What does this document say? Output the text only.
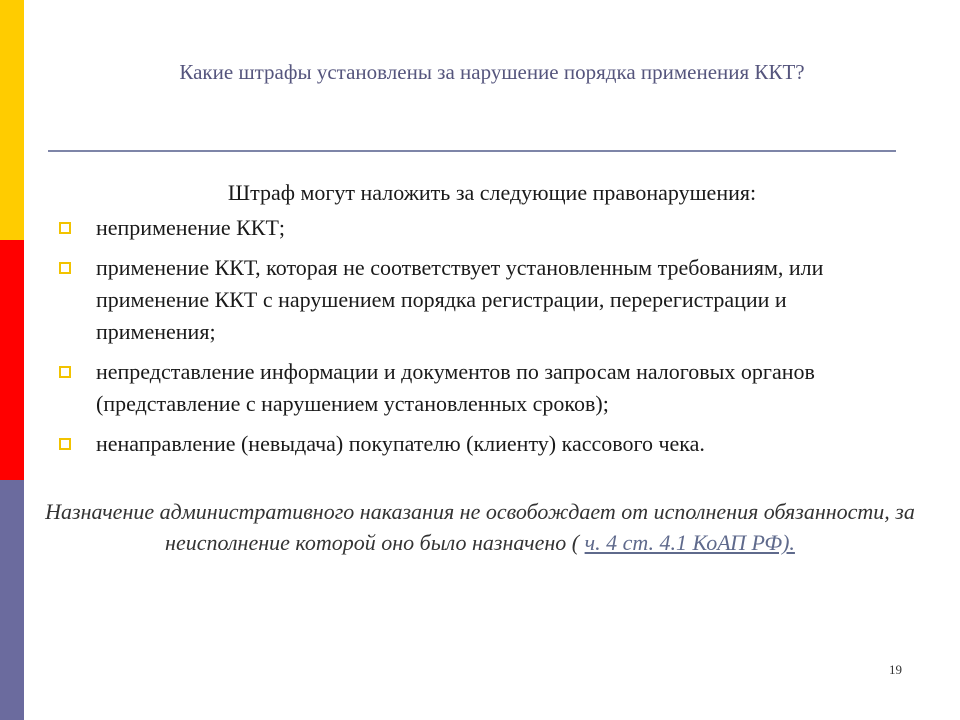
Какие штрафы установлены за нарушение порядка применения ККТ?
Штраф могут наложить за следующие правонарушения:
неприменение ККТ;
применение ККТ, которая не соответствует установленным требованиям, или применение ККТ с нарушением порядка регистрации, перерегистрации и применения;
непредставление информации и документов по запросам налоговых органов (представление с нарушением установленных сроков);
ненаправление (невыдача) покупателю (клиенту) кассового чека.
Назначение административного наказания не освобождает от исполнения обязанности, за неисполнение которой оно было назначено ( ч. 4 ст. 4.1 КоАП РФ).
19
